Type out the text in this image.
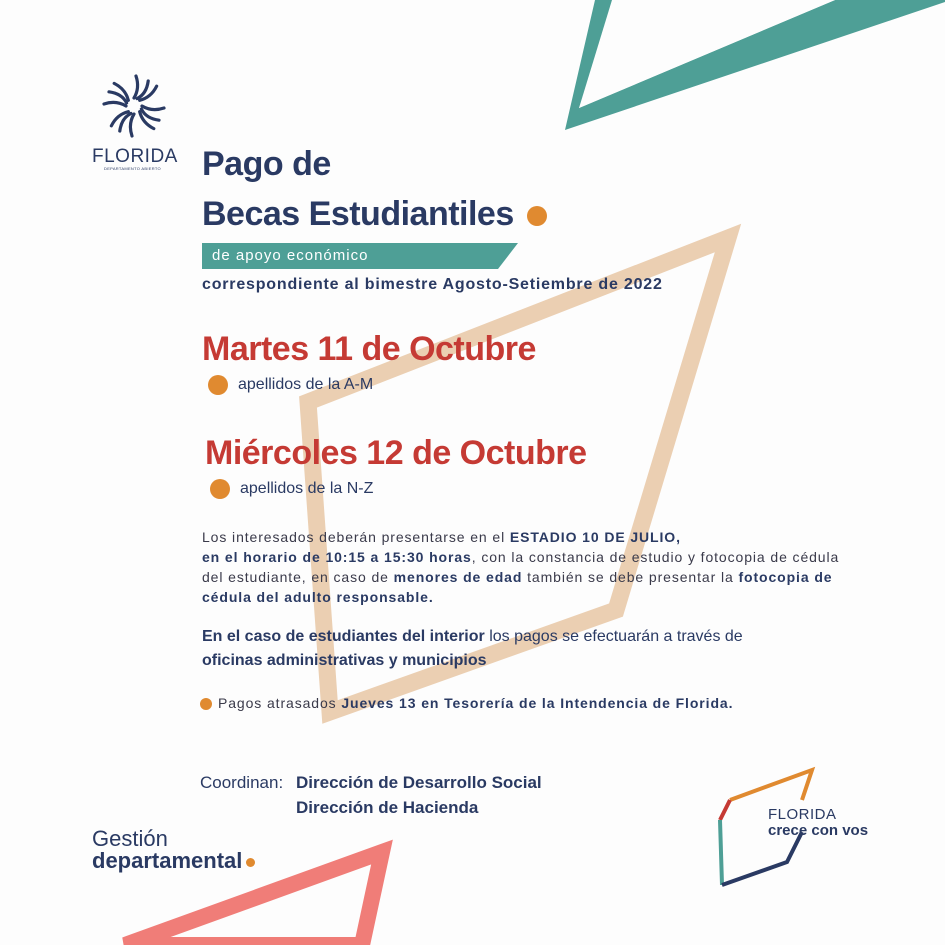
FLORIDA
DEPARTAMENTO ABIERTO Pago de
Becas Estudiantiles
de apoyo económico
correspondiente al bimestre Agosto-Setiembre de 2022
Martes 11 de Octubre
apellidos de la A-M
Miércoles 12 de Octubre
apellidos de la N-Z
Los interesados deberán presentarse en el ESTADIO 10 DE JULIO,
en el horario de 10:15 a 15:30 horas, con la constancia de estudio y fotocopia de cédula del estudiante, en caso de menores de edad también se debe presentar la fotocopia de cédula del adulto responsable.
En el caso de estudiantes del interior los pagos se efectuarán a través de
oficinas administrativas y municipios
Pagos atrasados Jueves 13 en Tesorería de la Intendencia de Florida.
Coordinan: Dirección de Desarrollo Social
Dirección de Hacienda
Gestión
departamental
FLORIDA
crece con vos
